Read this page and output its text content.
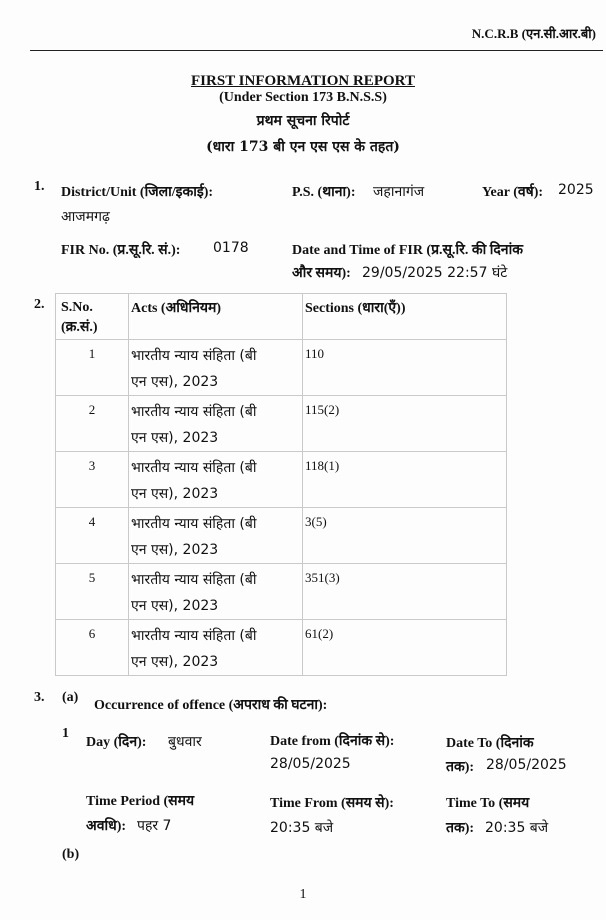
N.C.R.B (एन.सी.आर.बी)
FIRST INFORMATION REPORT
(Under Section 173 B.N.S.S)
प्रथम सूचना रिपोर्ट
(धारा 173 बी एन एस एस के तहत)
1. District/Unit (जिला/इकाई):
आजमगढ़
P.S. (थाना): जहानागंज	Year (वर्ष): 2025
FIR No. (प्र.सू.रि. सं.): 0178	Date and Time of FIR (प्र.सू.रि. की दिनांक
और समय): 29/05/2025 22:57 घंटे
2. S.No.
(क्र.सं.)	Acts (अधिनियम)	Sections (धारा(एँ))

1	भारतीय न्याय संहिता (बी
एन एस), 2023	110

2	भारतीय न्याय संहिता (बी
एन एस), 2023	115(2)

3	भारतीय न्याय संहिता (बी
एन एस), 2023	118(1)

4	भारतीय न्याय संहिता (बी
एन एस), 2023	3(5)

5	भारतीय न्याय संहिता (बी
एन एस), 2023	351(3)

6	भारतीय न्याय संहिता (बी
एन एस), 2023	61(2)
3. (a)
Occurrence of offence (अपराध की घटना):
1
Day (दिन): बुधवार	Date from (दिनांक से):
28/05/2025
Date To (दिनांक
तक): 28/05/2025
Time Period (समय
अवधि): पहर 7
Time From (समय से):
20:35 बजे
Time To (समय
तक): 20:35 बजे
(b)
1
